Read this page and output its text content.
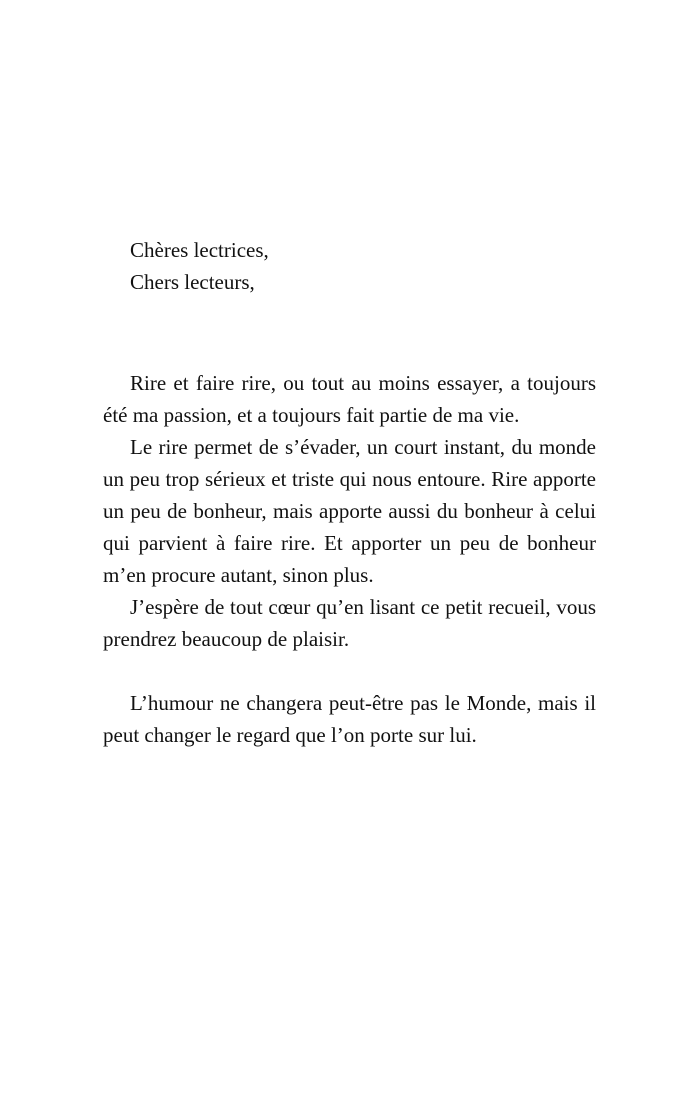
Chères lectrices,
Chers lecteurs,

Rire et faire rire, ou tout au moins essayer, a toujours été ma passion, et a toujours fait partie de ma vie.

Le rire permet de s’évader, un court instant, du monde un peu trop sérieux et triste qui nous entoure. Rire apporte un peu de bonheur, mais apporte aussi du bonheur à celui qui parvient à faire rire. Et apporter un peu de bonheur m’en procure autant, sinon plus.

J’espère de tout cœur qu’en lisant ce petit recueil, vous prendrez beaucoup de plaisir.

L’humour ne changera peut-être pas le Monde, mais il peut changer le regard que l’on porte sur lui.
